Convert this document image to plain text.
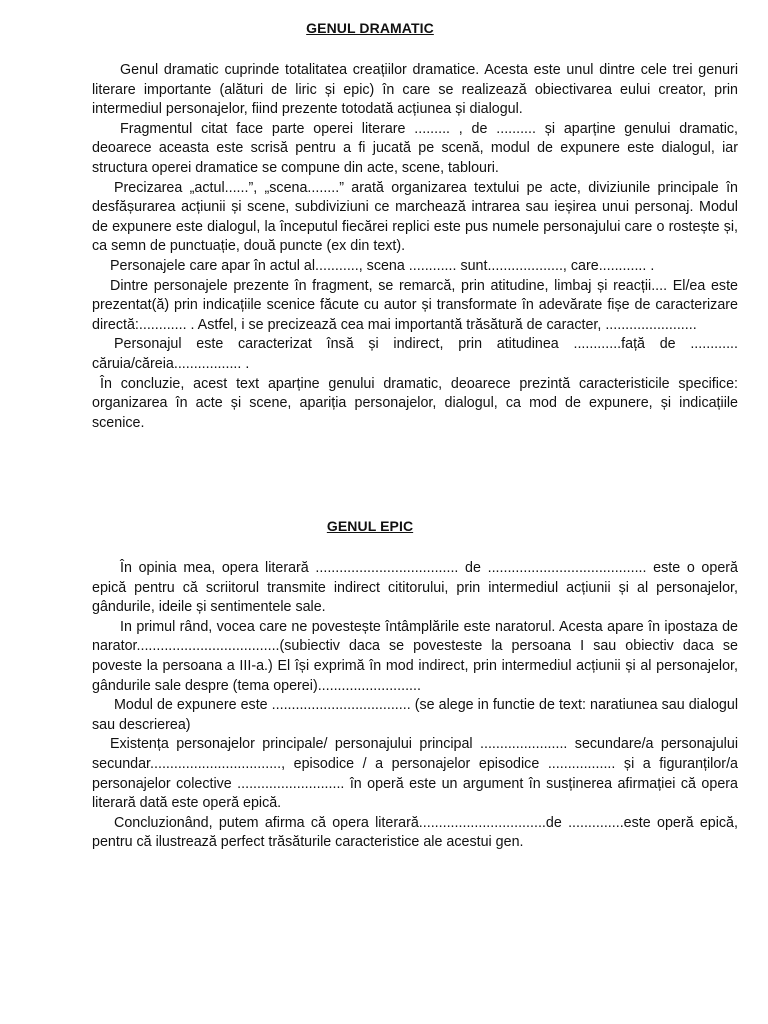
GENUL DRAMATIC

Genul dramatic cuprinde totalitatea creațiilor dramatice. Acesta este unul dintre cele trei genuri literare importante (alături de liric și epic) în care se realizează obiectivarea eului creator, prin intermediul personajelor, fiind prezente totodată acțiunea și dialogul.

Fragmentul citat face parte operei literare ......... , de .......... și aparține genului dramatic, deoarece aceasta este scrisă pentru a fi jucată pe scenă, modul de expunere este dialogul, iar structura operei dramatice se compune din acte, scene, tablouri.

Precizarea „actul......”, „scena........” arată organizarea textului pe acte, diviziunile principale în desfășurarea acțiunii și scene, subdiviziuni ce marchează intrarea sau ieșirea unui personaj. Modul de expunere este dialogul, la începutul fiecărei replici este pus numele personajului care o rostește și, ca semn de punctuație, două puncte (ex din text).

Personajele care apar în actul al..........., scena ............ sunt..................., care............ .

Dintre personajele prezente în fragment, se remarcă, prin atitudine, limbaj și reacții.... El/ea este prezentat(ă) prin indicațiile scenice făcute cu autor și transformate în adevărate fișe de caracterizare directă:............ . Astfel, i se precizează cea mai importantă trăsătură de caracter, .......................

Personajul este caracterizat însă și indirect, prin atitudinea ............față de ............ căruia/căreia................. .

În concluzie, acest text aparține genului dramatic, deoarece prezintă caracteristicile specifice: organizarea în acte și scene, apariția personajelor, dialogul, ca mod de expunere, și indicațiile scenice.

GENUL EPIC

În opinia mea, opera literară .................................... de ........................................ este o operă epică pentru că scriitorul transmite indirect cititorului, prin intermediul acțiunii și al personajelor, gândurile, ideile și sentimentele sale.

In primul rând, vocea care ne povestește întâmplările este naratorul. Acesta apare în ipostaza de narator....................................(subiectiv daca se povesteste la persoana I sau obiectiv daca se poveste la persoana a III-a.) El își exprimă în mod indirect, prin intermediul acțiunii și al personajelor, gândurile sale despre (tema operei)..........................

Modul de expunere este ................................... (se alege in functie de text: naratiunea sau dialogul sau descrierea)

Existența personajelor principale/ personajului principal ...................... secundare/a personajului secundar................................., episodice / a personajelor episodice ................. și a figuranților/a personajelor colective ........................... în operă este un argument în susținerea afirmației că opera literară dată este operă epică.

Concluzionând, putem afirma că opera literară................................de ..............este operă epică, pentru că ilustrează perfect trăsăturile caracteristice ale acestui gen.
